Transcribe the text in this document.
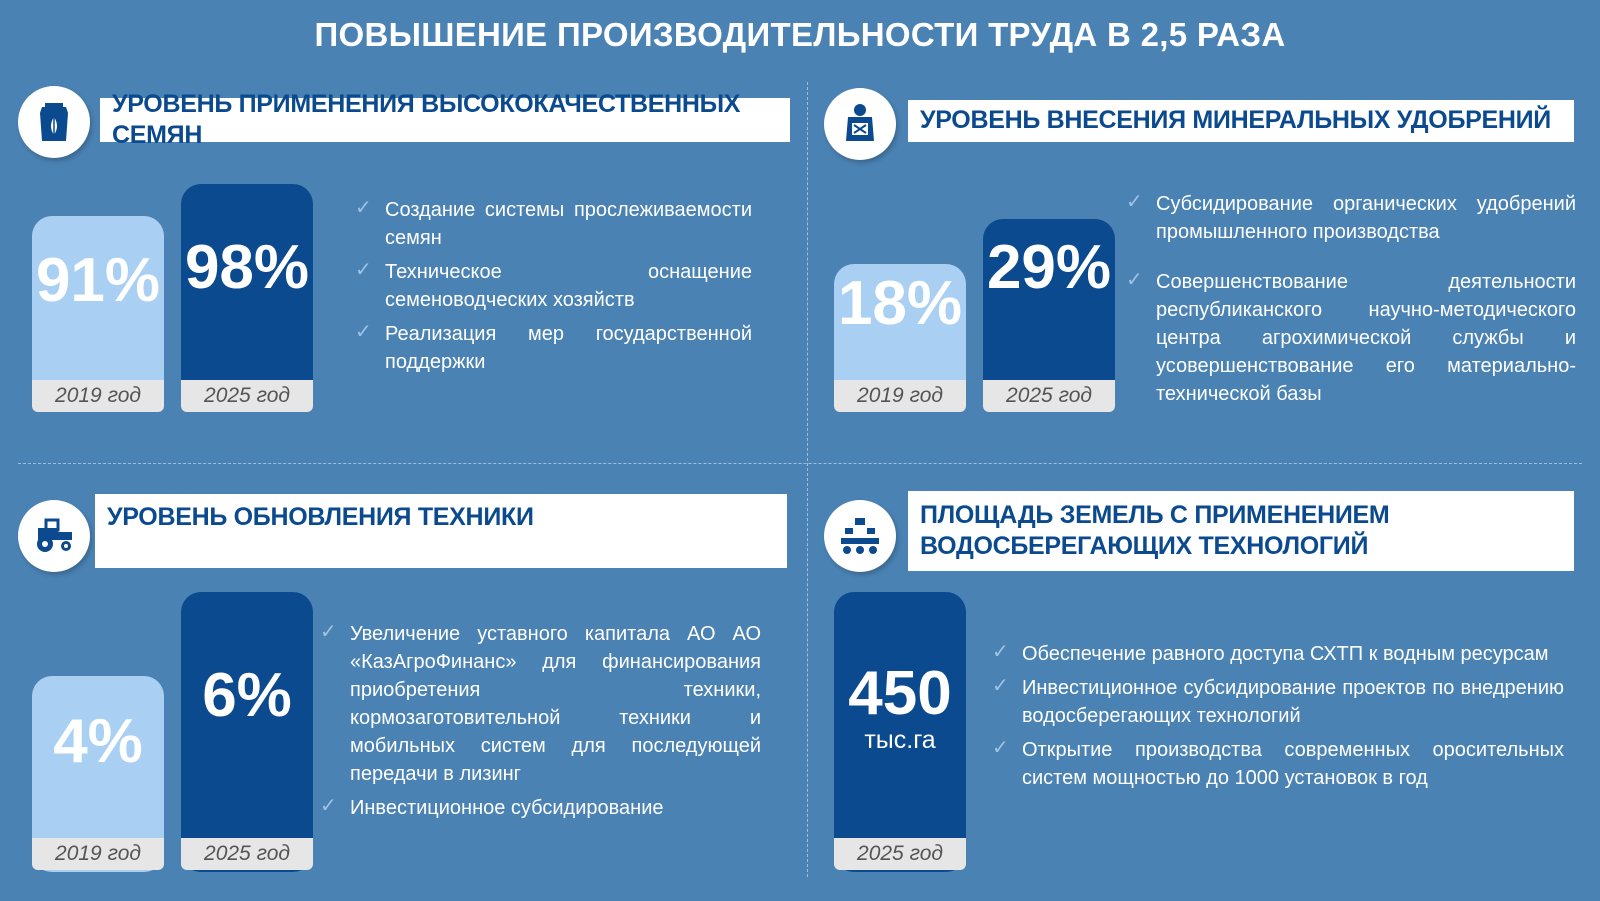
ПОВЫШЕНИЕ ПРОИЗВОДИТЕЛЬНОСТИ ТРУДА В 2,5 РАЗА
УРОВЕНЬ ПРИМЕНЕНИЯ ВЫСОКОКАЧЕСТВЕННЫХ СЕМЯН
91%
2019 год
98%
2025 год
✓ Создание системы прослеживаемости семян
✓ Техническое оснащение семеноводческих хозяйств
✓ Реализация мер государственной поддержки
УРОВЕНЬ ВНЕСЕНИЯ МИНЕРАЛЬНЫХ УДОБРЕНИЙ
18%
2019 год
29%
2025 год
✓ Субсидирование органических удобрений промышленного производства
✓ Совершенствование деятельности республиканского научно-методического центра агрохимической службы и усовершенствование его материально-технической базы
УРОВЕНЬ ОБНОВЛЕНИЯ ТЕХНИКИ
4%
2019 год
6%
2025 год
✓ Увеличение уставного капитала АО АО «КазАгроФинанс» для финансирования приобретения техники, кормозаготовительной техники и мобильных систем для последующей передачи в лизинг
✓ Инвестиционное субсидирование
ПЛОЩАДЬ ЗЕМЕЛЬ С ПРИМЕНЕНИЕМ
ВОДОСБЕРЕГАЮЩИХ ТЕХНОЛОГИЙ
450
тыс.га
2025 год
✓ Обеспечение равного доступа СХТП к водным ресурсам
✓ Инвестиционное субсидирование проектов по внедрению водосберегающих технологий
✓ Открытие производства современных оросительных систем мощностью до 1000 установок в год
